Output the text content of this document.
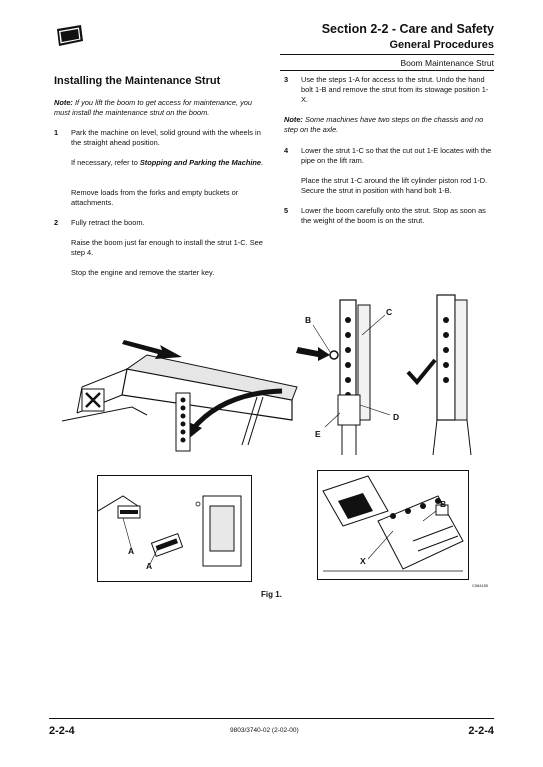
Section 2-2 - Care and Safety
General Procedures
Boom Maintenance Strut
Installing the Maintenance Strut
Note: If you lift the boom to get access for maintenance, you must install the maintenance strut on the boom.
1 Park the machine on level, solid ground with the wheels in the straight ahead position.
If necessary, refer to Stopping and Parking the Machine.
Remove loads from the forks and empty buckets or attachments.
2 Fully retract the boom.
Raise the boom just far enough to install the strut 1-C. See step 4.
Stop the engine and remove the starter key.
3 Use the steps 1-A for access to the strut. Undo the hand bolt 1-B and remove the strut from its stowage position 1-X.
Note: Some machines have two steps on the chassis and no step on the axle.
4 Lower the strut 1-C so that the cut out 1-E locates with the pipe on the lift ram.
Place the strut 1-C around the lift cylinder piston rod 1-D. Secure the strut in position with hand bolt 1-B.
5 Lower the boom carefully onto the strut. Stop as soon as the weight of the boom is on the strut.
B
C
D
E
A
A
B
X
C084150
Fig 1.
2-2-4	9803/3740-02 (2-02-00)	2-2-4
